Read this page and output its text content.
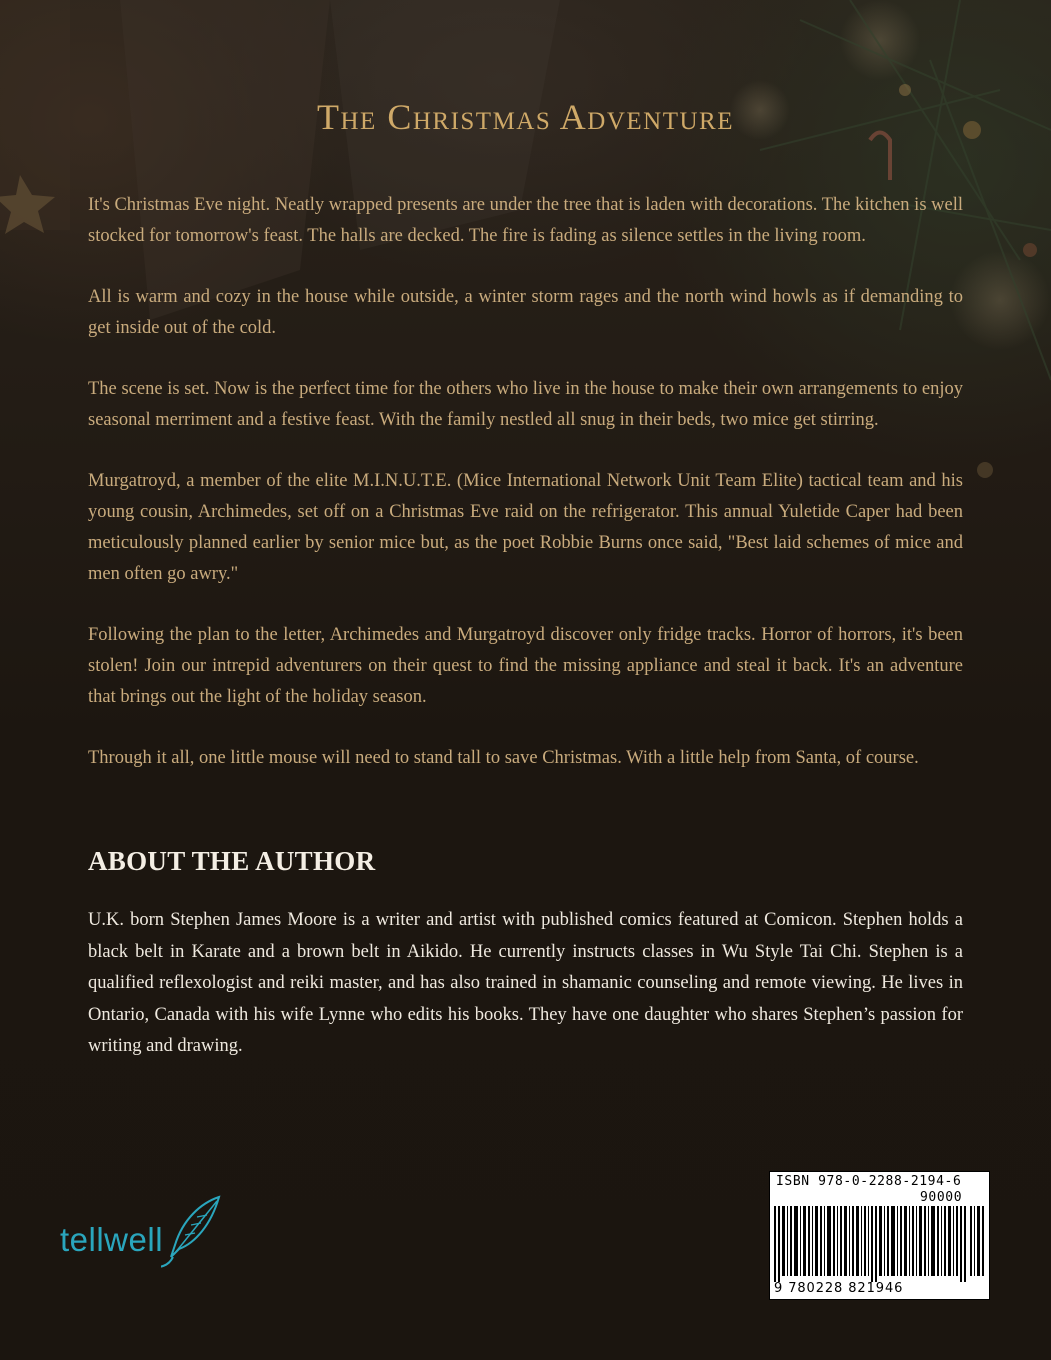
The Christmas Adventure

It's Christmas Eve night. Neatly wrapped presents are under the tree that is laden with decorations. The kitchen is well stocked for tomorrow's feast. The halls are decked. The fire is fading as silence settles in the living room.

All is warm and cozy in the house while outside, a winter storm rages and the north wind howls as if demanding to get inside out of the cold.

The scene is set. Now is the perfect time for the others who live in the house to make their own arrangements to enjoy seasonal merriment and a festive feast. With the family nestled all snug in their beds, two mice get stirring.

Murgatroyd, a member of the elite M.I.N.U.T.E. (Mice International Network Unit Team Elite) tactical team and his young cousin, Archimedes, set off on a Christmas Eve raid on the refrigerator. This annual Yuletide Caper had been meticulously planned earlier by senior mice but, as the poet Robbie Burns once said, "Best laid schemes of mice and men often go awry."

Following the plan to the letter, Archimedes and Murgatroyd discover only fridge tracks. Horror of horrors, it's been stolen! Join our intrepid adventurers on their quest to find the missing appliance and steal it back. It's an adventure that brings out the light of the holiday season.

Through it all, one little mouse will need to stand tall to save Christmas. With a little help from Santa, of course.

ABOUT THE AUTHOR

U.K. born Stephen James Moore is a writer and artist with published comics featured at Comicon. Stephen holds a black belt in Karate and a brown belt in Aikido. He currently instructs classes in Wu Style Tai Chi. Stephen is a qualified reflexologist and reiki master, and has also trained in shamanic counseling and remote viewing. He lives in Ontario, Canada with his wife Lynne who edits his books. They have one daughter who shares Stephen’s passion for writing and drawing.

tellwell
ISBN 978-0-2288-2194-6
90000
9 780228 821946
